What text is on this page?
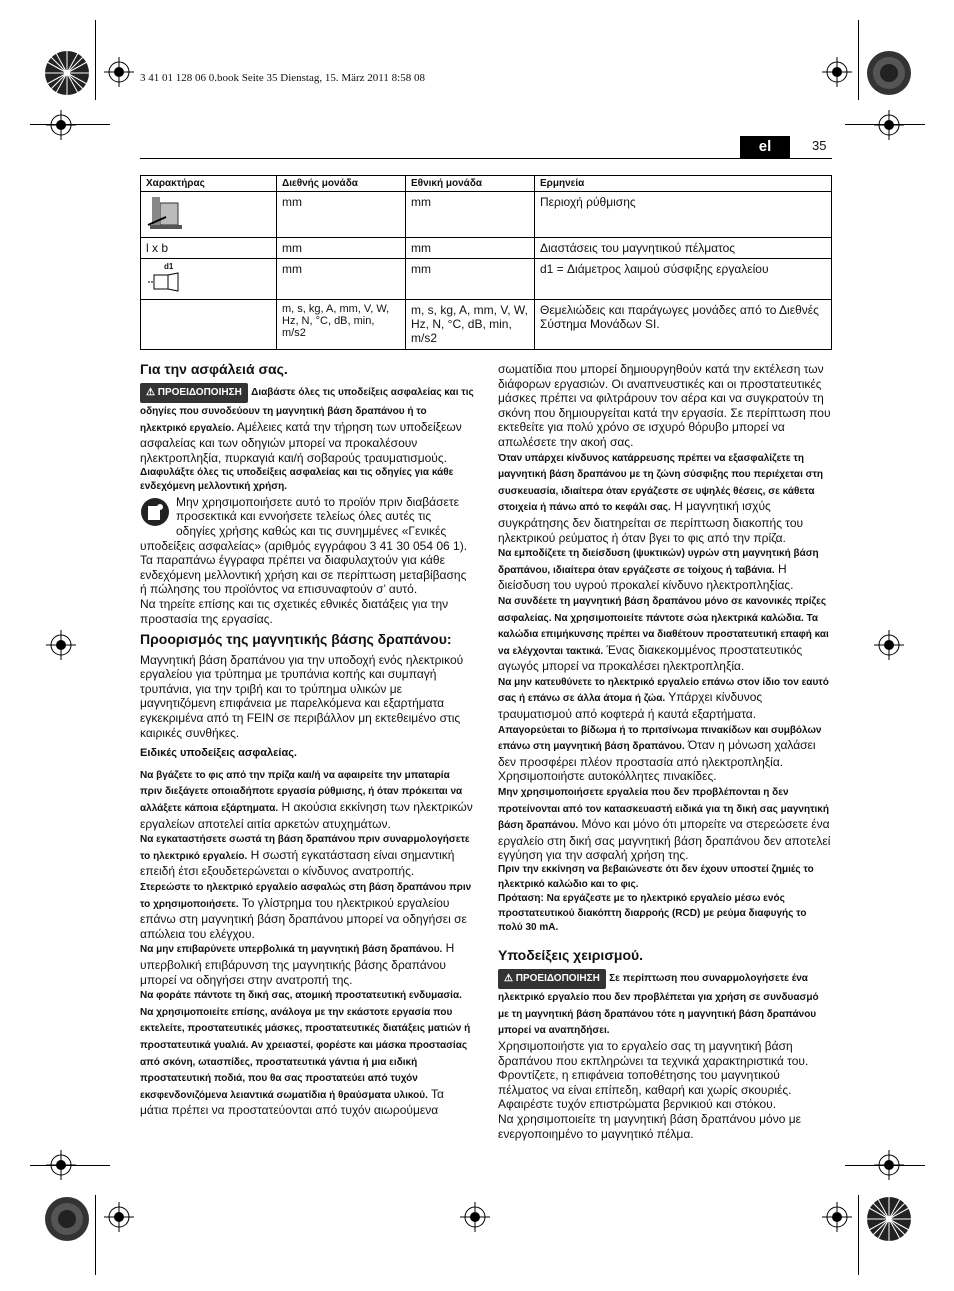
3 41 01 128 06 0.book Seite 35 Dienstag, 15. März 2011 8:58 08
el	35
Χαρακτήρας	Διεθνής μονάδα	Εθνική μονάδα	Ερμηνεία
	mm	mm	Περιοχή ρύθμισης
l x b	mm	mm	Διαστάσεις του μαγνητικού πέλματος

d1	mm	mm	d1 = Διάμετρος λαιμού σύσφιξης εργαλείου
	m, s, kg, A, mm, V, W, Hz, N, °C, dB, min, m/s2	m, s, kg, A, mm, V, W, Hz, N, °C, dB, min, m/s2	Θεμελιώδεις και παράγωγες μονάδες από το Διεθνές Σύστημα Μονάδων SI.
Για την ασφάλειά σας.

⚠ ΠΡΟΕΙΔΟΠΟΙΗΣΗ Διαβάστε όλες τις υποδείξεις ασφαλείας και τις οδηγίες που συνοδεύουν τη μαγνητική βάση δραπάνου ή το ηλεκτρικό εργαλείο. Αμέλειες κατά την τήρηση των υποδείξεων ασφαλείας και των οδηγιών μπορεί να προκαλέσουν ηλεκτροπληξία, πυρκαγιά και/ή σοβαρούς τραυματισμούς.

Διαφυλάξτε όλες τις υποδείξεις ασφαλείας και τις οδηγίες για κάθε ενδεχόμενη μελλοντική χρήση.

Μην χρησιμοποιήσετε αυτό το προϊόν πριν διαβάσετε προσεκτικά και εννοήσετε τελείως όλες αυτές τις οδηγίες χρήσης καθώς και τις συνημμένες «Γενικές υποδείξεις ασφαλείας» (αριθμός εγγράφου 3 41 30 054 06 1). Τα παραπάνω έγγραφα πρέπει να διαφυλαχτούν για κάθε ενδεχόμενη μελλοντική χρήση και σε περίπτωση μεταβίβασης ή πώλησης του προϊόντος να επισυναφτούν σ’ αυτό.

Να τηρείτε επίσης και τις σχετικές εθνικές διατάξεις για την προστασία της εργασίας.

Προορισμός της μαγνητικής βάσης δραπάνου:

Μαγνητική βάση δραπάνου για την υποδοχή ενός ηλεκτρικού εργαλείου για τρύπημα με τρυπάνια κοπής και συμπαγή τρυπάνια, για την τριβή και το τρύπημα υλικών με μαγνητιζόμενη επιφάνεια με παρελκόμενα και εξαρτήματα εγκεκριμένα από τη FEIN σε περιβάλλον μη εκτεθειμένο στις καιρικές συνθήκες.

Ειδικές υποδείξεις ασφαλείας.

Να βγάζετε το φις από την πρίζα και/ή να αφαιρείτε την μπαταρία πριν διεξάγετε οποιαδήποτε εργασία ρύθμισης, ή όταν πρόκειται να αλλάξετε κάποια εξάρτηματα. Η ακούσια εκκίνηση των ηλεκτρικών εργαλείων αποτελεί αιτία αρκετών ατυχημάτων.

Να εγκαταστήσετε σωστά τη βάση δραπάνου πριν συναρμολογήσετε το ηλεκτρικό εργαλείο. Η σωστή εγκατάσταση είναι σημαντική επειδή έτσι εξουδετερώνεται ο κίνδυνος ανατροπής.

Στερεώστε το ηλεκτρικό εργαλείο ασφαλώς στη βάση δραπάνου πριν το χρησιμοποιήσετε. Το γλίστρημα του ηλεκτρικού εργαλείου επάνω στη μαγνητική βάση δραπάνου μπορεί να οδηγήσει σε απώλεια του ελέγχου.

Να μην επιβαρύνετε υπερβολικά τη μαγνητική βάση δραπάνου. Η υπερβολική επιβάρυνση της μαγνητικής βάσης δραπάνου μπορεί να οδηγήσει στην ανατροπή της.

Να φοράτε πάντοτε τη δική σας, ατομική προστατευτική ενδυμασία. Να χρησιμοποιείτε επίσης, ανάλογα με την εκάστοτε εργασία που εκτελείτε, προστατευτικές μάσκες, προστατευτικές διατάξεις ματιών ή προστατευτικά γυαλιά. Αν χρειαστεί, φορέστε και μάσκα προστασίας από σκόνη, ωτασπίδες, προστατευτικά γάντια ή μια ειδική προστατευτική ποδιά, που θα σας προστατεύει από τυχόν εκσφενδονιζόμενα λειαντικά σωματίδια ή θραύσματα υλικού. Τα μάτια πρέπει να προστατεύονται από τυχόν αιωρούμενα

σωματίδια που μπορεί δημιουργηθούν κατά την εκτέλεση των διάφορων εργασιών. Οι αναπνευστικές και οι προστατευτικές μάσκες πρέπει να φιλτράρουν τον αέρα και να συγκρατούν τη σκόνη που δημιουργείται κατά την εργασία. Σε περίπτωση που εκτεθείτε για πολύ χρόνο σε ισχυρό θόρυβο μπορεί να απωλέσετε την ακοή σας.

Όταν υπάρχει κίνδυνος κατάρρευσης πρέπει να εξασφαλίζετε τη μαγνητική βάση δραπάνου με τη ζώνη σύσφιξης που περιέχεται στη συσκευασία, ιδιαίτερα όταν εργάζεστε σε υψηλές θέσεις, σε κάθετα στοιχεία ή πάνω από το κεφάλι σας. Η μαγνητική ισχύς συγκράτησης δεν διατηρείται σε περίπτωση διακοπής του ηλεκτρικού ρεύματος ή όταν βγει το φις από την πρίζα.

Να εμποδίζετε τη διείσδυση (ψυκτικών) υγρών στη μαγνητική βάση δραπάνου, ιδιαίτερα όταν εργάζεστε σε τοίχους ή ταβάνια. Η διείσδυση του υγρού προκαλεί κίνδυνο ηλεκτροπληξίας.

Να συνδέετε τη μαγνητική βάση δραπάνου μόνο σε κανονικές πρίζες ασφαλείας. Να χρησιμοποιείτε πάντοτε σώα ηλεκτρικά καλώδια. Τα καλώδια επιμήκυνσης πρέπει να διαθέτουν προστατευτική επαφή και να ελέγχονται τακτικά. Ένας διακεκομμένος προστατευτικός αγωγός μπορεί να προκαλέσει ηλεκτροπληξία.

Να μην κατευθύνετε το ηλεκτρικό εργαλείο επάνω στον ίδιο τον εαυτό σας ή επάνω σε άλλα άτομα ή ζώα. Υπάρχει κίνδυνος τραυματισμού από κοφτερά ή καυτά εξαρτήματα.

Απαγορεύεται το βίδωμα ή το πριτσίνωμα πινακίδων και συμβόλων επάνω στη μαγνητική βάση δραπάνου. Όταν η μόνωση χαλάσει δεν προσφέρει πλέον προστασία από ηλεκτροπληξία. Χρησιμοποιήστε αυτοκόλλητες πινακίδες.

Μην χρησιμοποιήσετε εργαλεία που δεν προβλέπονται η δεν προτείνονται από τον κατασκευαστή ειδικά για τη δική σας μαγνητική βάση δραπάνου. Μόνο και μόνο ότι μπορείτε να στερεώσετε ένα εργαλείο στη δική σας μαγνητική βάση δραπάνου δεν αποτελεί εγγύηση για την ασφαλή χρήση της.

Πριν την εκκίνηση να βεβαιώνεστε ότι δεν έχουν υποστεί ζημιές το ηλεκτρικό καλώδιο και το φις.

Πρόταση: Να εργάζεστε με το ηλεκτρικό εργαλείο μέσω ενός προστατευτικού διακόπτη διαρροής (RCD) με ρεύμα διαφυγής το πολύ 30 mA.

Υποδείξεις χειρισμού.

⚠ ΠΡΟΕΙΔΟΠΟΙΗΣΗ Σε περίπτωση που συναρμολογήσετε ένα ηλεκτρικό εργαλείο που δεν προβλέπεται για χρήση σε συνδυασμό με τη μαγνητική βάση δραπάνου τότε η μαγνητική βάση δραπάνου μπορεί να αναπηδήσει.

Χρησιμοποιήστε για το εργαλείο σας τη μαγνητική βάση δραπάνου που εκπληρώνει τα τεχνικά χαρακτηριστικά του.

Φροντίζετε, η επιφάνεια τοποθέτησης του μαγνητικού πέλματος να είναι επίπεδη, καθαρή και χωρίς σκουριές. Αφαιρέστε τυχόν επιστρώματα βερνικιού και στόκου.

Να χρησιμοποιείτε τη μαγνητική βάση δραπάνου μόνο με ενεργοποιημένο το μαγνητικό πέλμα.
